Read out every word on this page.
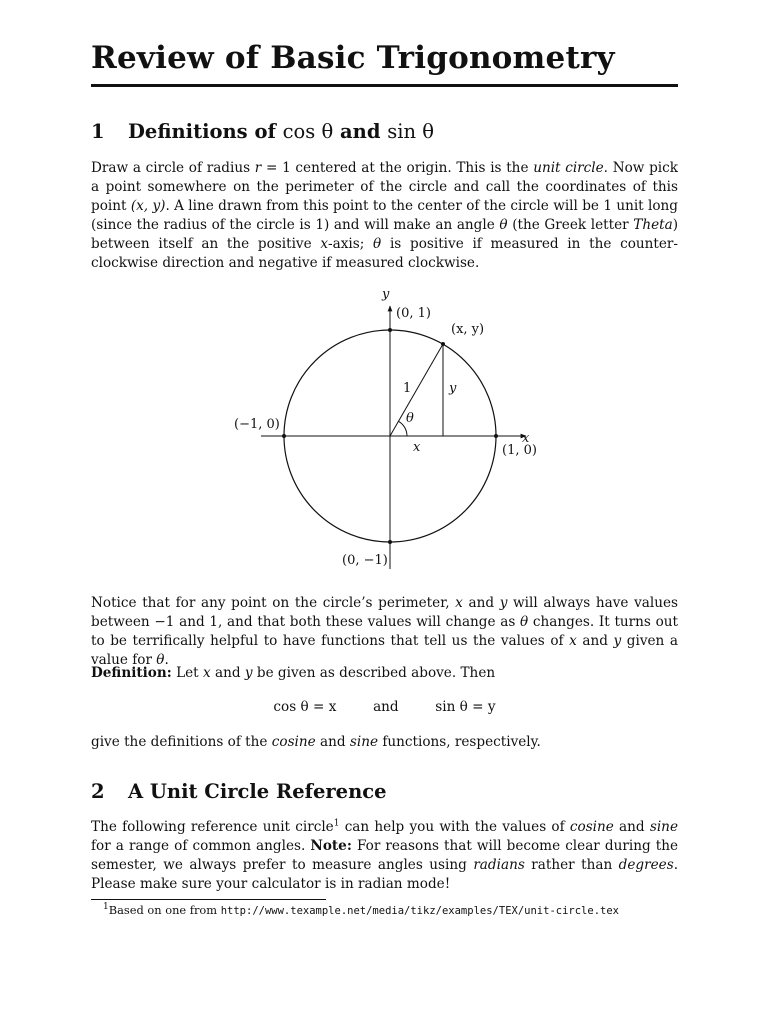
Review of Basic Trigonometry
1 Definitions of cos θ and sin θ

Draw a circle of radius r = 1 centered at the origin. This is the unit circle. Now pick a point somewhere on the perimeter of the circle and call the coordinates of this point (x, y). A line drawn from this point to the center of the circle will be 1 unit long (since the radius of the circle is 1) and will make an angle θ (the Greek letter Theta) between itself an the positive x-axis; θ is positive if measured in the counter-clockwise direction and negative if measured clockwise.

y
x
(0, 1)
(1, 0)
(−1, 0)
(0, −1)
(x, y)
1	y
x
θ

Notice that for any point on the circle’s perimeter, x and y will always have values between −1 and 1, and that both these values will change as θ changes. It turns out to be terrifically helpful to have functions that tell us the values of x and y given a value for θ.

Definition: Let x and y be given as described above. Then

cos θ = x	and	sin θ = y

give the definitions of the cosine and sine functions, respectively.

2 A Unit Circle Reference

The following reference unit circle$^1$ can help you with the values of cosine and sine for a range of common angles. Note: For reasons that will become clear during the semester, we always prefer to measure angles using radians rather than degrees. Please make sure your calculator is in radian mode!

$^1$Based on one from http://www.texample.net/media/tikz/examples/TEX/unit-circle.tex
